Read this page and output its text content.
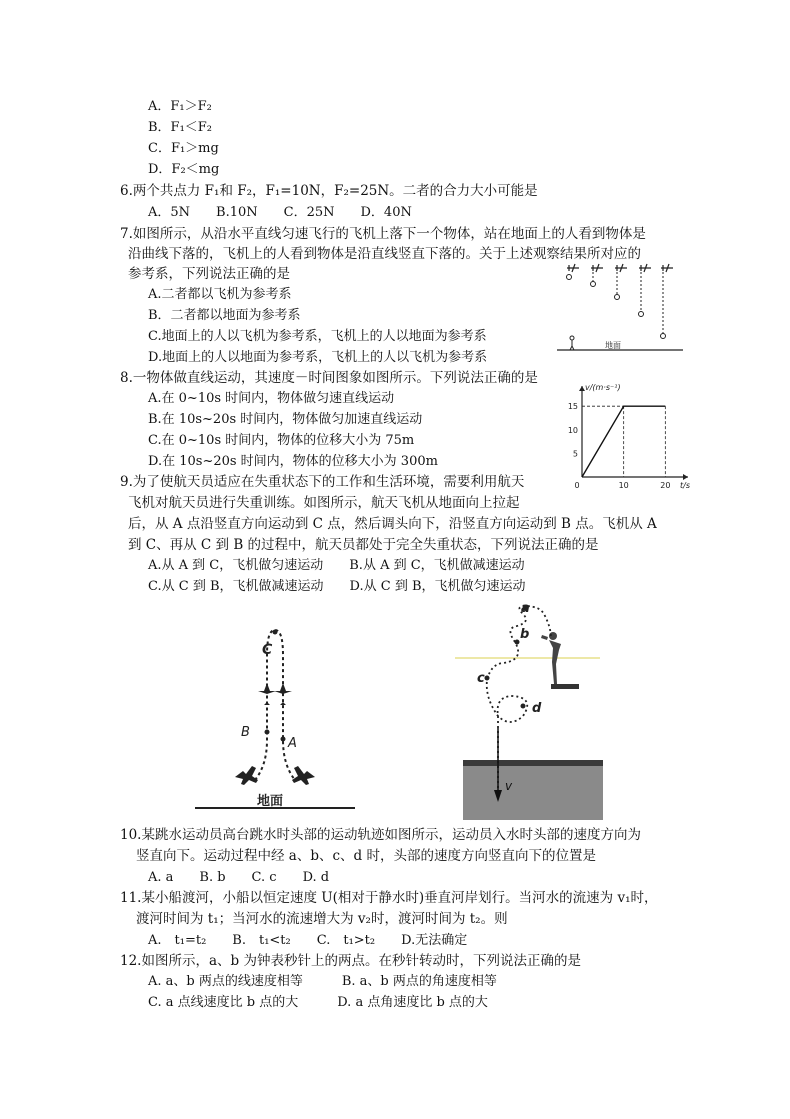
A．F₁＞F₂
B．F₁＜F₂
C．F₁＞mg
D．F₂＜mg
6.两个共点力 F₁和 F₂，F₁=10N，F₂=25N。二者的合力大小可能是
A．5N　　B.10N　　C．25N　　D．40N
7.如图所示，从沿水平直线匀速飞行的飞机上落下一个物体，站在地面上的人看到物体是
沿曲线下落的，飞机上的人看到物体是沿直线竖直下落的。关于上述观察结果所对应的
参考系，下列说法正确的是
A.二者都以飞机为参考系
B．二者都以地面为参考系
C.地面上的人以飞机为参考系，飞机上的人以地面为参考系
D.地面上的人以地面为参考系，飞机上的人以飞机为参考系
地面
8.一物体做直线运动，其速度－时间图象如图所示。下列说法正确的是
A.在 0~10s 时间内，物体做匀速直线运动
B.在 10s~20s 时间内，物体做匀加速直线运动
C.在 0~10s 时间内，物体的位移大小为 75m
D.在 10s~20s 时间内，物体的位移大小为 300m
v/(m·s⁻¹)
t/s
5
10
15
0	10	20
9.为了使航天员适应在失重状态下的工作和生活环境，需要利用航天
飞机对航天员进行失重训练。如图所示，航天飞机从地面向上拉起
后，从 A 点沿竖直方向运动到 C 点，然后调头向下，沿竖直方向运动到 B 点。飞机从 A
到 C、再从 C 到 B 的过程中，航天员都处于完全失重状态，下列说法正确的是
A.从 A 到 C，飞机做匀速运动　　B.从 A 到 C，飞机做减速运动
C.从 C 到 B，飞机做减速运动　　D.从 C 到 B，飞机做匀速运动
C
B
A
地面
a
b
c
d
v
10.某跳水运动员高台跳水时头部的运动轨迹如图所示，运动员入水时头部的速度方向为
竖直向下。运动过程中经 a、b、c、d 时，头部的速度方向竖直向下的位置是
A. a　　B. b　　C. c　　D. d
11.某小船渡河，小船以恒定速度 U(相对于静水时)垂直河岸划行。当河水的流速为 v₁时，
渡河时间为 t₁；当河水的流速增大为 v₂时，渡河时间为 t₂。则
A.　t₁=t₂　　B.　t₁<t₂　　C.　t₁>t₂　　D.无法确定
12.如图所示，a、b 为钟表秒针上的两点。在秒针转动时，下列说法正确的是
A. a、b 两点的线速度相等　　　B. a、b 两点的角速度相等
C. a 点线速度比 b 点的大　　　D. a 点角速度比 b 点的大
